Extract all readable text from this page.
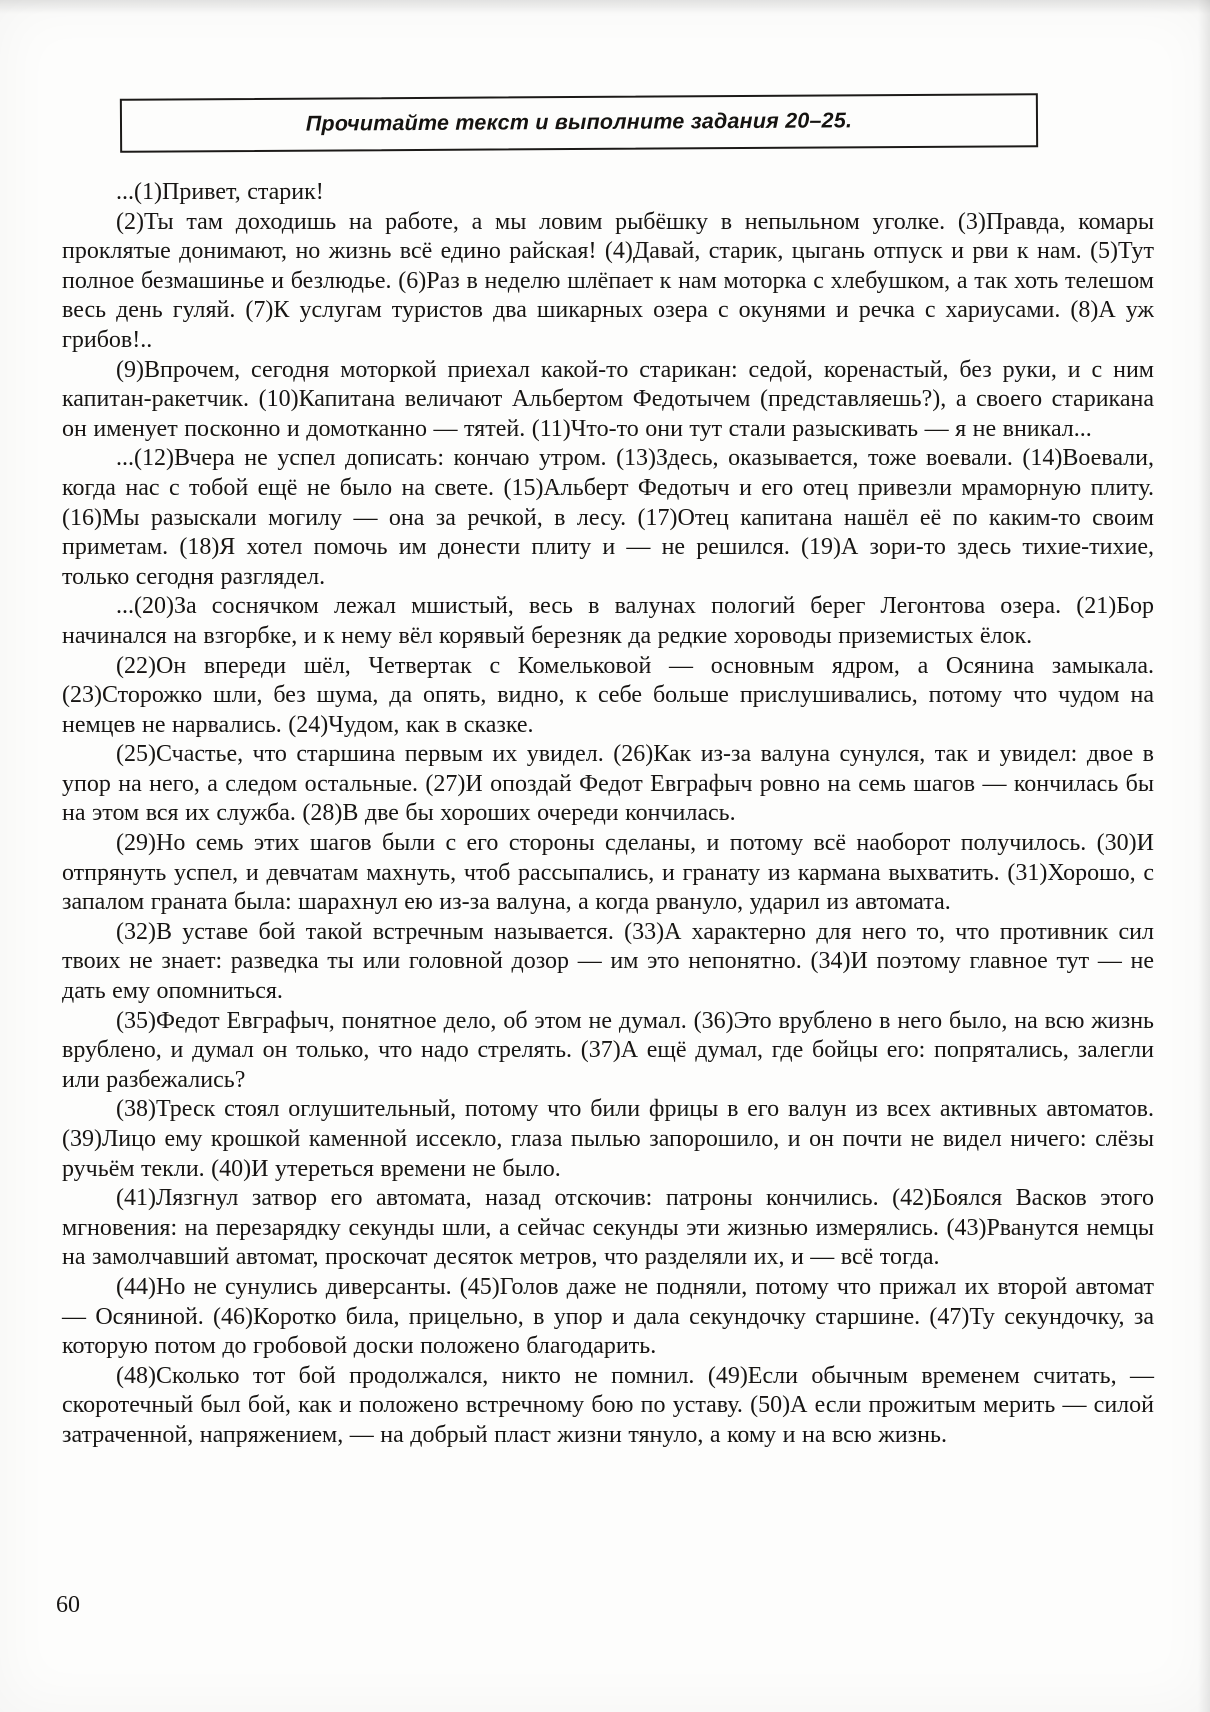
Прочитайте текст и выполните задания 20–25.

...(1)Привет, старик!

(2)Ты там доходишь на работе, а мы ловим рыбёшку в непыльном уголке. (3)Правда, комары проклятые донимают, но жизнь всё едино райская! (4)Давай, старик, цыгань отпуск и рви к нам. (5)Тут полное безмашинье и безлюдье. (6)Раз в неделю шлёпает к нам моторка с хлебушком, а так хоть телешом весь день гуляй. (7)К услугам туристов два шикарных озера с окунями и речка с хариусами. (8)А уж грибов!..

(9)Впрочем, сегодня моторкой приехал какой-то старикан: седой, коренастый, без руки, и с ним капитан-ракетчик. (10)Капитана величают Альбертом Федотычем (представляешь?), а своего старикана он именует посконно и домотканно — тятей. (11)Что-то они тут стали разыскивать — я не вникал...

...(12)Вчера не успел дописать: кончаю утром. (13)Здесь, оказывается, тоже воевали. (14)Воевали, когда нас с тобой ещё не было на свете. (15)Альберт Федотыч и его отец привезли мраморную плиту. (16)Мы разыскали могилу — она за речкой, в лесу. (17)Отец капитана нашёл её по каким-то своим приметам. (18)Я хотел помочь им донести плиту и — не решился. (19)А зори-то здесь тихие-тихие, только сегодня разглядел.

...(20)За соснячком лежал мшистый, весь в валунах пологий берег Легонтова озера. (21)Бор начинался на взгорбке, и к нему вёл корявый березняк да редкие хороводы приземистых ёлок.

(22)Он впереди шёл, Четвертак с Комельковой — основным ядром, а Осянина замыкала. (23)Сторожко шли, без шума, да опять, видно, к себе больше прислушивались, потому что чудом на немцев не нарвались. (24)Чудом, как в сказке.

(25)Счастье, что старшина первым их увидел. (26)Как из-за валуна сунулся, так и увидел: двое в упор на него, а следом остальные. (27)И опоздай Федот Евграфыч ровно на семь шагов — кончилась бы на этом вся их служба. (28)В две бы хороших очереди кончилась.

(29)Но семь этих шагов были с его стороны сделаны, и потому всё наоборот получилось. (30)И отпрянуть успел, и девчатам махнуть, чтоб рассыпались, и гранату из кармана выхватить. (31)Хорошо, с запалом граната была: шарахнул ею из-за валуна, а когда рвануло, ударил из автомата.

(32)В уставе бой такой встречным называется. (33)А характерно для него то, что противник сил твоих не знает: разведка ты или головной дозор — им это непонятно. (34)И поэтому главное тут — не дать ему опомниться.

(35)Федот Евграфыч, понятное дело, об этом не думал. (36)Это врублено в него было, на всю жизнь врублено, и думал он только, что надо стрелять. (37)А ещё думал, где бойцы его: попрятались, залегли или разбежались?

(38)Треск стоял оглушительный, потому что били фрицы в его валун из всех активных автоматов. (39)Лицо ему крошкой каменной иссекло, глаза пылью запорошило, и он почти не видел ничего: слёзы ручьём текли. (40)И утереться времени не было.

(41)Лязгнул затвор его автомата, назад отскочив: патроны кончились. (42)Боялся Васков этого мгновения: на перезарядку секунды шли, а сейчас секунды эти жизнью измерялись. (43)Рванутся немцы на замолчавший автомат, проскочат десяток метров, что разделяли их, и — всё тогда.

(44)Но не сунулись диверсанты. (45)Голов даже не подняли, потому что прижал их второй автомат — Осяниной. (46)Коротко била, прицельно, в упор и дала секундочку старшине. (47)Ту секундочку, за которую потом до гробовой доски положено благодарить.

(48)Сколько тот бой продолжался, никто не помнил. (49)Если обычным временем считать, — скоротечный был бой, как и положено встречному бою по уставу. (50)А если прожитым мерить — силой затраченной, напряжением, — на добрый пласт жизни тянуло, а кому и на всю жизнь.

60
